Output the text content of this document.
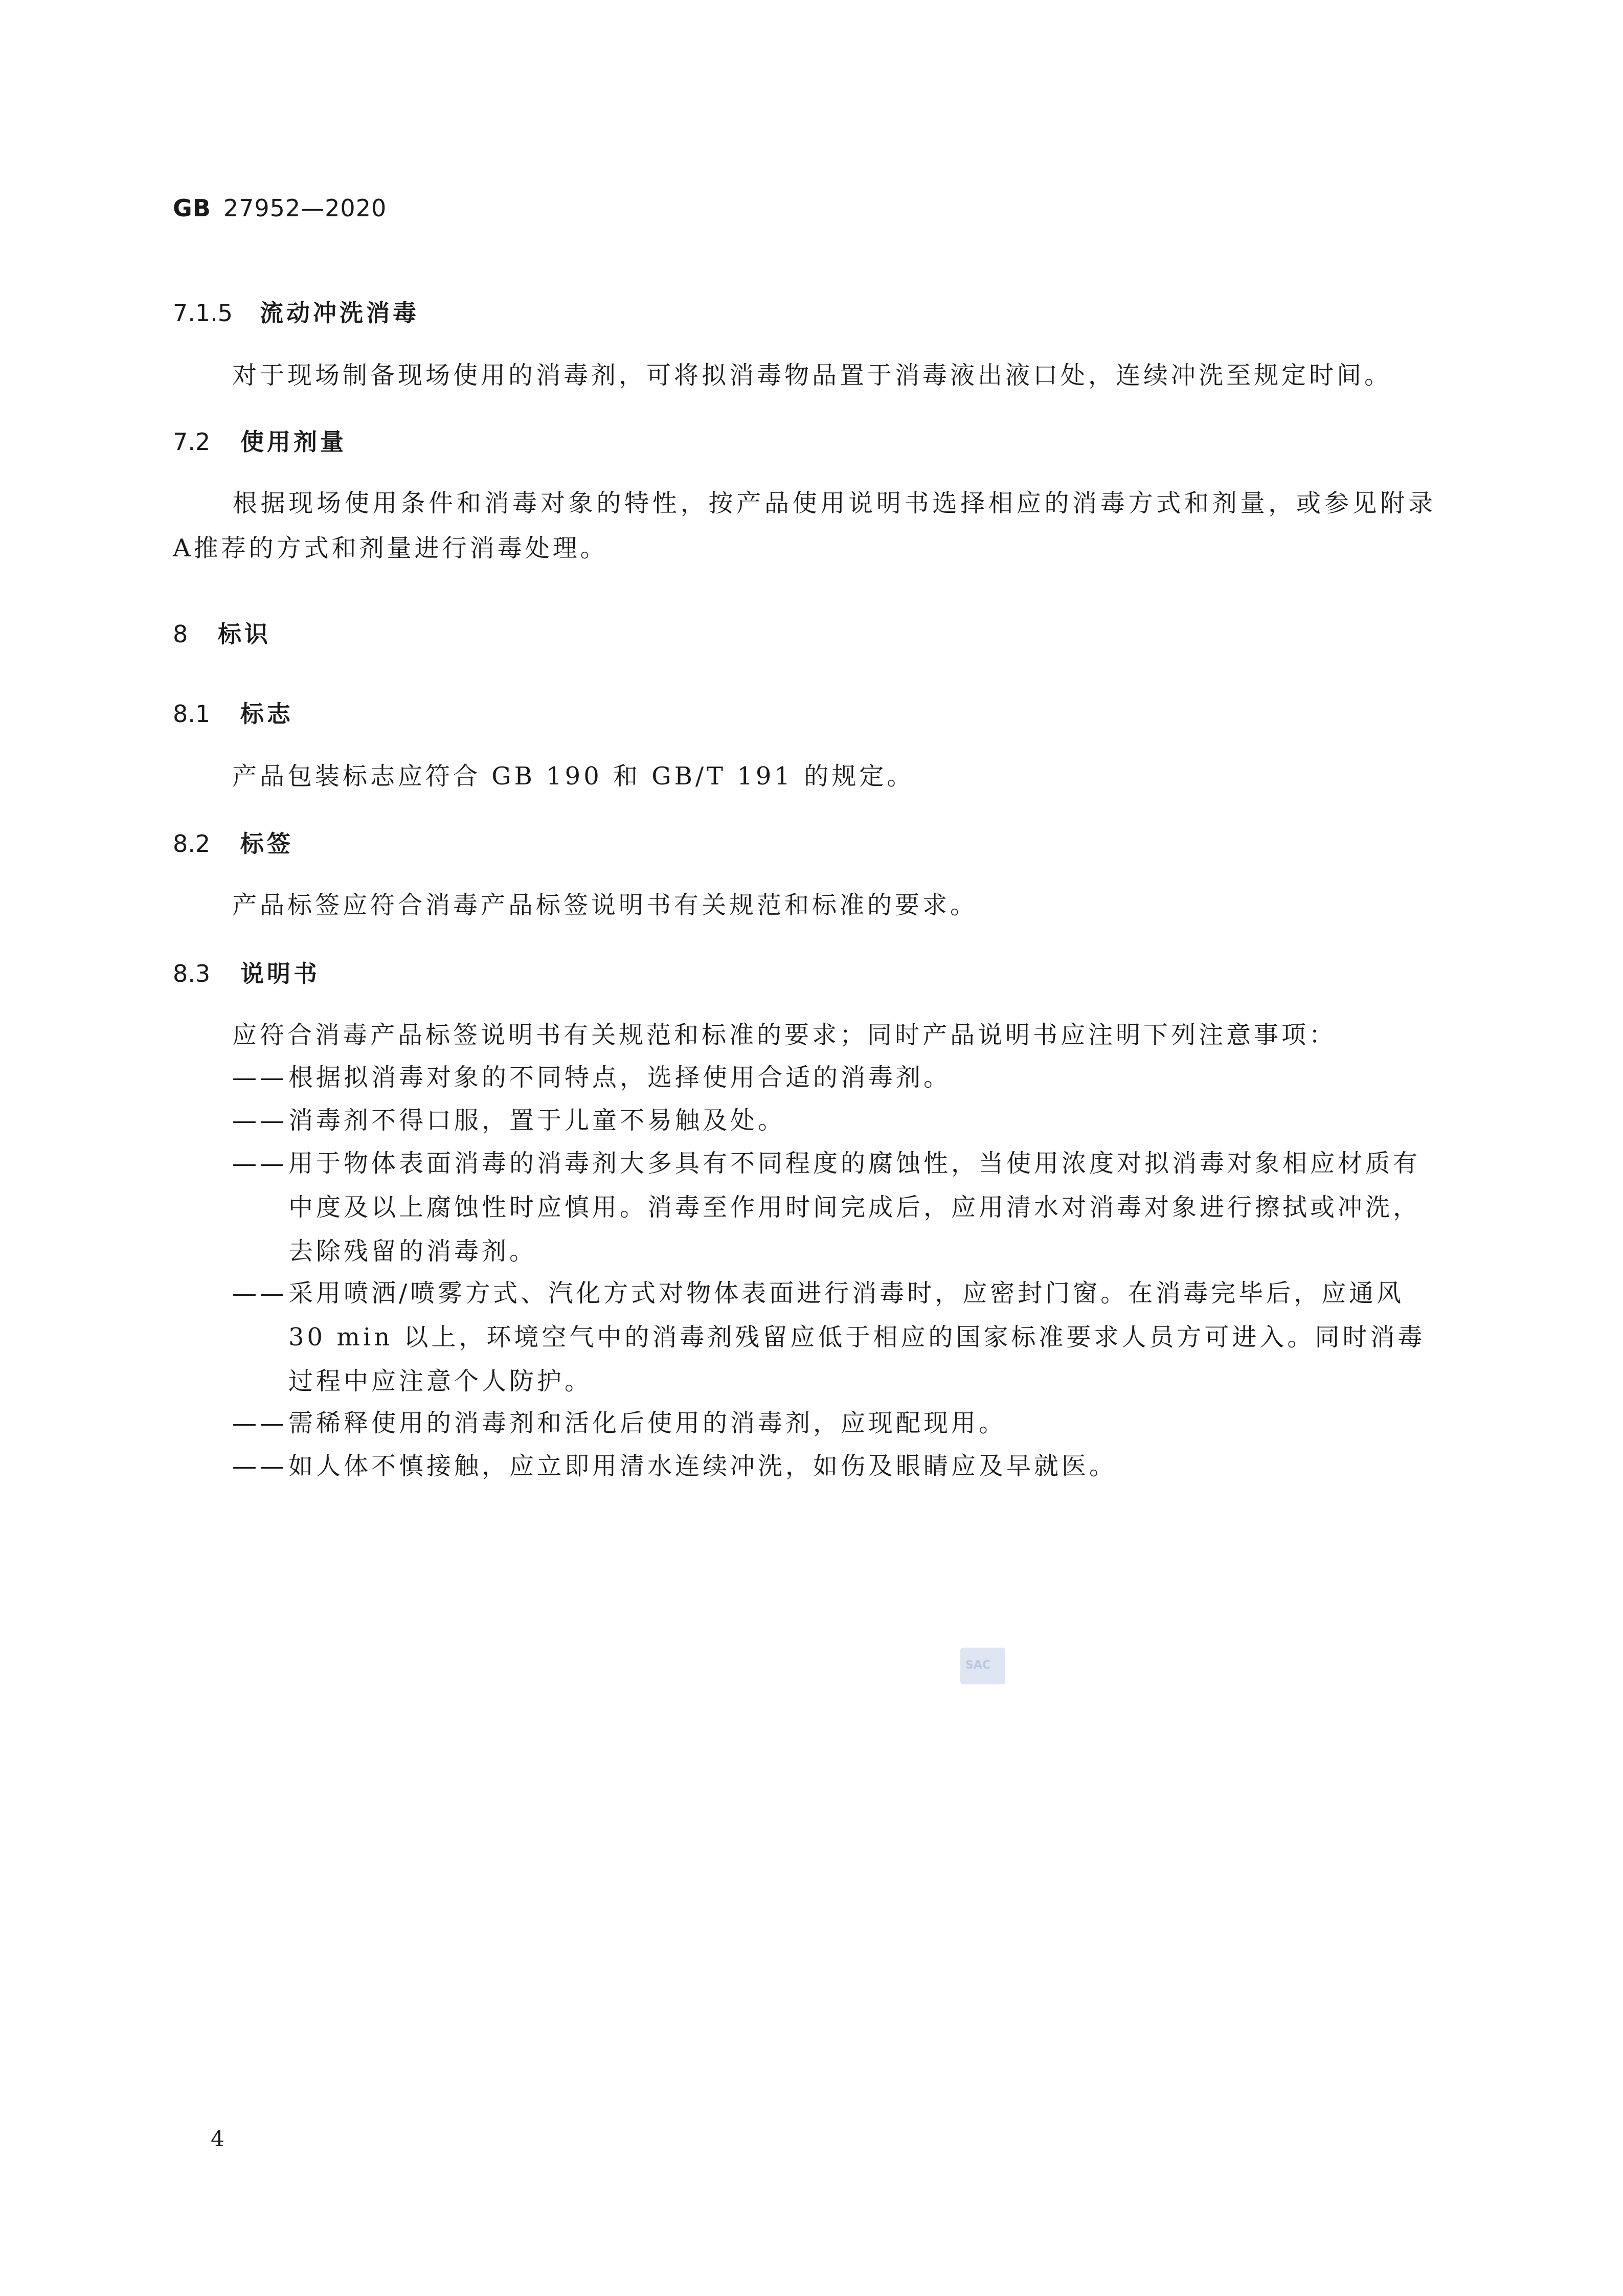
GB 27952—2020
7.1.5 流动冲洗消毒
对于现场制备现场使用的消毒剂，可将拟消毒物品置于消毒液出液口处，连续冲洗至规定时间。
7.2 使用剂量
根据现场使用条件和消毒对象的特性，按产品使用说明书选择相应的消毒方式和剂量，或参见附录A推荐的方式和剂量进行消毒处理。
8 标识
8.1 标志
产品包装标志应符合 GB 190 和 GB/T 191 的规定。
8.2 标签
产品标签应符合消毒产品标签说明书有关规范和标准的要求。
8.3 说明书
应符合消毒产品标签说明书有关规范和标准的要求；同时产品说明书应注明下列注意事项：
—— 根据拟消毒对象的不同特点，选择使用合适的消毒剂。
—— 消毒剂不得口服，置于儿童不易触及处。
—— 用于物体表面消毒的消毒剂大多具有不同程度的腐蚀性，当使用浓度对拟消毒对象相应材质有中度及以上腐蚀性时应慎用。消毒至作用时间完成后，应用清水对消毒对象进行擦拭或冲洗，去除残留的消毒剂。
—— 采用喷洒/喷雾方式、汽化方式对物体表面进行消毒时，应密封门窗。在消毒完毕后，应通风30 min 以上，环境空气中的消毒剂残留应低于相应的国家标准要求人员方可进入。同时消毒过程中应注意个人防护。
—— 需稀释使用的消毒剂和活化后使用的消毒剂，应现配现用。
—— 如人体不慎接触，应立即用清水连续冲洗，如伤及眼睛应及早就医。
SAC
4
